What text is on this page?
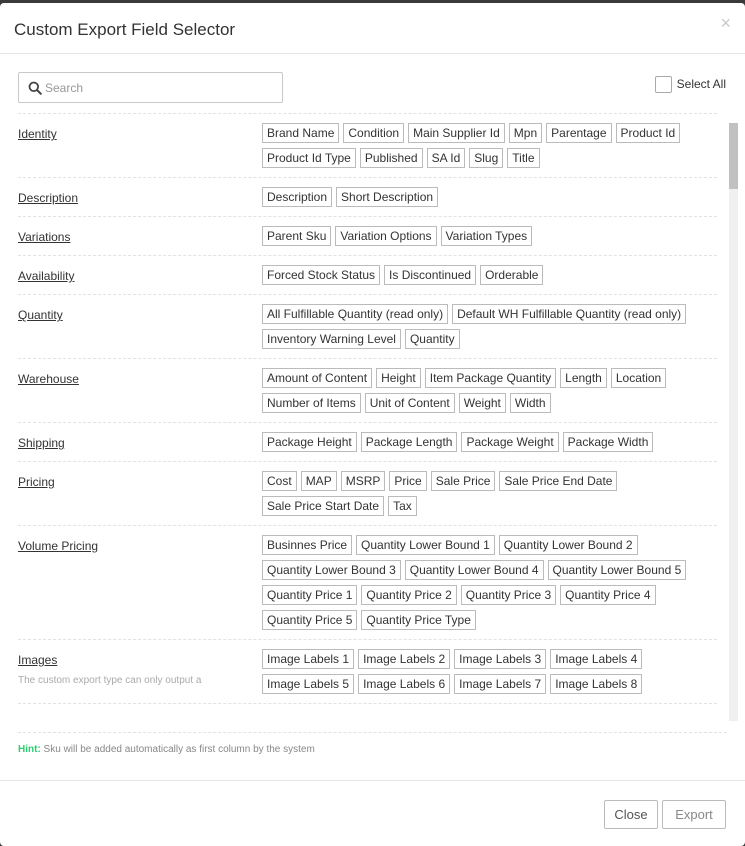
Custom Export Field Selector	×
Search
Select All
Identity	Brand Name	Condition	Main Supplier Id	Mpn	Parentage	Product Id
Product Id Type	Published	SA Id	Slug	Title
Description	Description	Short Description
Variations	Parent Sku	Variation Options	Variation Types
Availability	Forced Stock Status	Is Discontinued	Orderable
Quantity	All Fulfillable Quantity (read only)	Default WH Fulfillable Quantity (read only)
Inventory Warning Level	Quantity
Warehouse	Amount of Content	Height	Item Package Quantity	Length	Location
Number of Items	Unit of Content	Weight	Width
Shipping	Package Height	Package Length	Package Weight	Package Width
Pricing	Cost	MAP	MSRP	Price	Sale Price	Sale Price End Date
Sale Price Start Date	Tax
Volume Pricing	Businnes Price	Quantity Lower Bound 1	Quantity Lower Bound 2
Quantity Lower Bound 3	Quantity Lower Bound 4	Quantity Lower Bound 5
Quantity Price 1	Quantity Price 2	Quantity Price 3	Quantity Price 4
Quantity Price 5	Quantity Price Type
Images
The custom export type can only output a
Image Labels 1	Image Labels 2	Image Labels 3	Image Labels 4
Image Labels 5	Image Labels 6	Image Labels 7	Image Labels 8
Hint: Sku will be added automatically as first column by the system
Close	Export
